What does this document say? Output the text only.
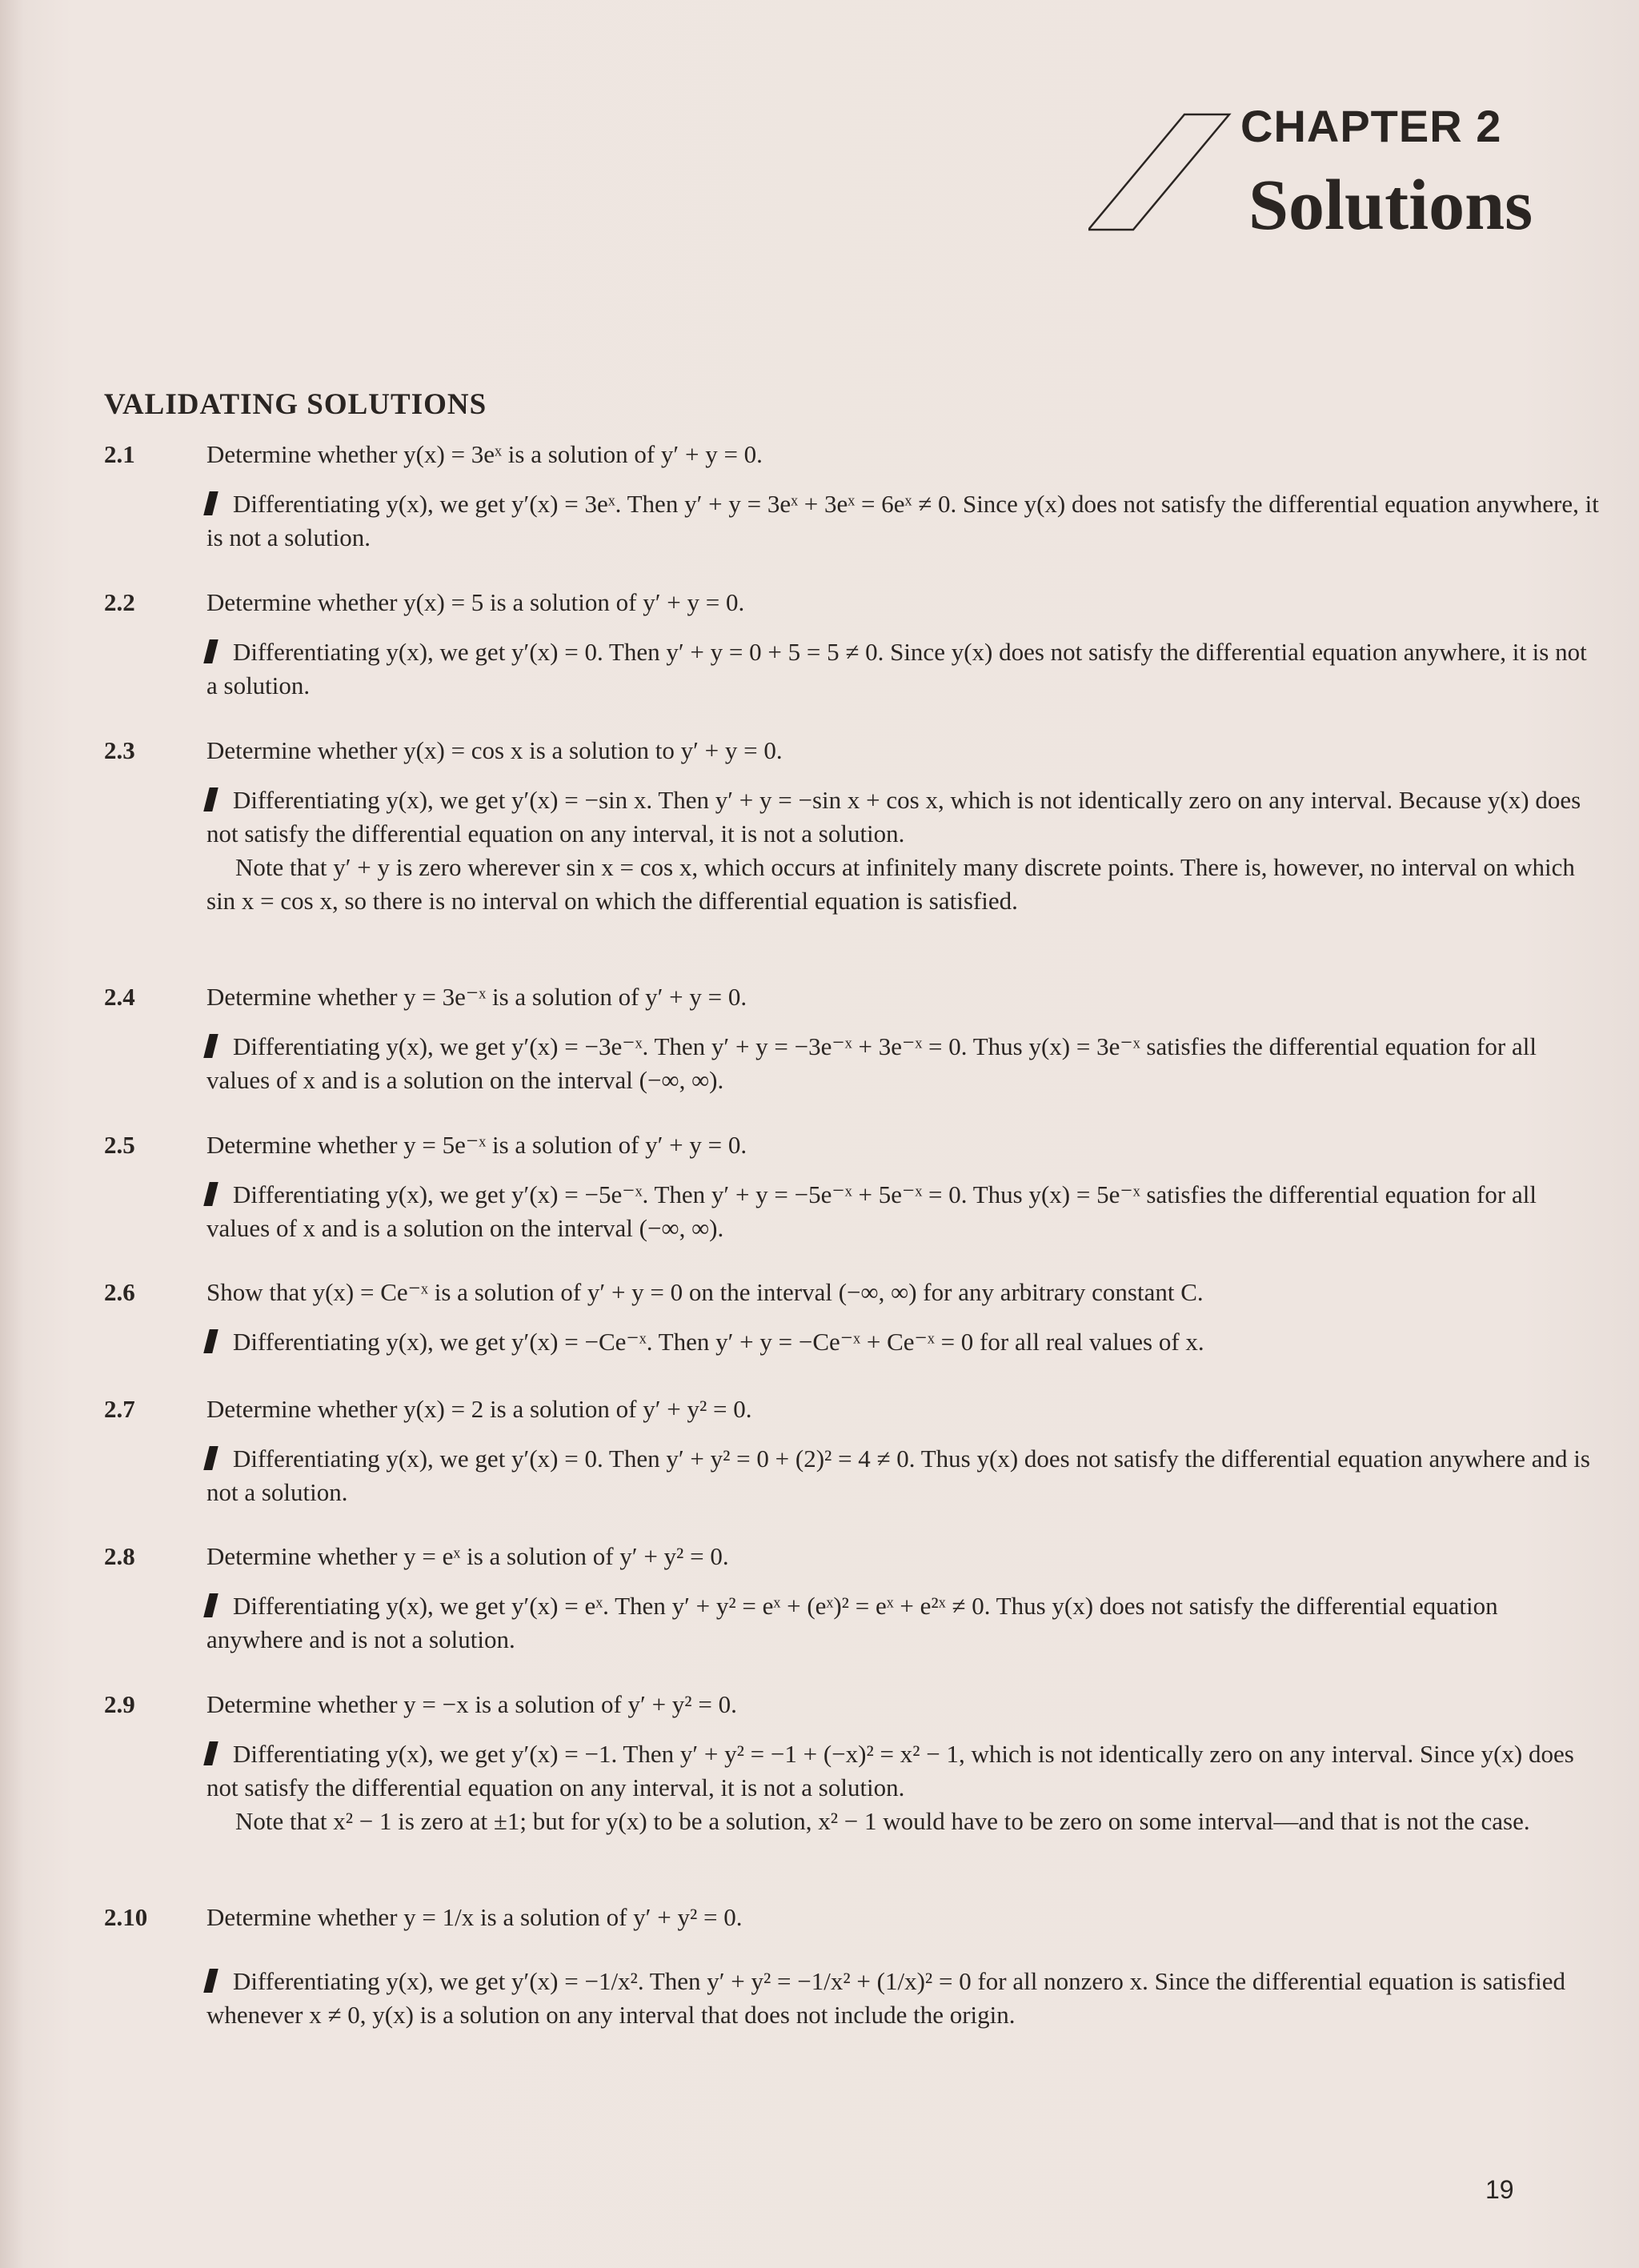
CHAPTER 2
Solutions
VALIDATING SOLUTIONS
2.1	Determine whether y(x) = 3eˣ is a solution of y′ + y = 0.

Differentiating y(x), we get y′(x) = 3eˣ. Then y′ + y = 3eˣ + 3eˣ = 6eˣ ≠ 0. Since y(x) does not satisfy the differential equation anywhere, it is not a solution.

2.2	Determine whether y(x) = 5 is a solution of y′ + y = 0.

Differentiating y(x), we get y′(x) = 0. Then y′ + y = 0 + 5 = 5 ≠ 0. Since y(x) does not satisfy the differential equation anywhere, it is not a solution.

2.3	Determine whether y(x) = cos x is a solution to y′ + y = 0.

Differentiating y(x), we get y′(x) = −sin x. Then y′ + y = −sin x + cos x, which is not identically zero on any interval. Because y(x) does not satisfy the differential equation on any interval, it is not a solution.

Note that y′ + y is zero wherever sin x = cos x, which occurs at infinitely many discrete points. There is, however, no interval on which sin x = cos x, so there is no interval on which the differential equation is satisfied.

2.4	Determine whether y = 3e⁻ˣ is a solution of y′ + y = 0.

Differentiating y(x), we get y′(x) = −3e⁻ˣ. Then y′ + y = −3e⁻ˣ + 3e⁻ˣ = 0. Thus y(x) = 3e⁻ˣ satisfies the differential equation for all values of x and is a solution on the interval (−∞, ∞).

2.5	Determine whether y = 5e⁻ˣ is a solution of y′ + y = 0.

Differentiating y(x), we get y′(x) = −5e⁻ˣ. Then y′ + y = −5e⁻ˣ + 5e⁻ˣ = 0. Thus y(x) = 5e⁻ˣ satisfies the differential equation for all values of x and is a solution on the interval (−∞, ∞).

2.6	Show that y(x) = Ce⁻ˣ is a solution of y′ + y = 0 on the interval (−∞, ∞) for any arbitrary constant C.

Differentiating y(x), we get y′(x) = −Ce⁻ˣ. Then y′ + y = −Ce⁻ˣ + Ce⁻ˣ = 0 for all real values of x.

2.7	Determine whether y(x) = 2 is a solution of y′ + y² = 0.

Differentiating y(x), we get y′(x) = 0. Then y′ + y² = 0 + (2)² = 4 ≠ 0. Thus y(x) does not satisfy the differential equation anywhere and is not a solution.

2.8	Determine whether y = eˣ is a solution of y′ + y² = 0.

Differentiating y(x), we get y′(x) = eˣ. Then y′ + y² = eˣ + (eˣ)² = eˣ + e²ˣ ≠ 0. Thus y(x) does not satisfy the differential equation anywhere and is not a solution.

2.9	Determine whether y = −x is a solution of y′ + y² = 0.

Differentiating y(x), we get y′(x) = −1. Then y′ + y² = −1 + (−x)² = x² − 1, which is not identically zero on any interval. Since y(x) does not satisfy the differential equation on any interval, it is not a solution.

Note that x² − 1 is zero at ±1; but for y(x) to be a solution, x² − 1 would have to be zero on some interval—and that is not the case.

2.10 Determine whether y = 1/x is a solution of y′ + y² = 0.

Differentiating y(x), we get y′(x) = −1/x². Then y′ + y² = −1/x² + (1/x)² = 0 for all nonzero x. Since the differential equation is satisfied whenever x ≠ 0, y(x) is a solution on any interval that does not include the origin.

19
